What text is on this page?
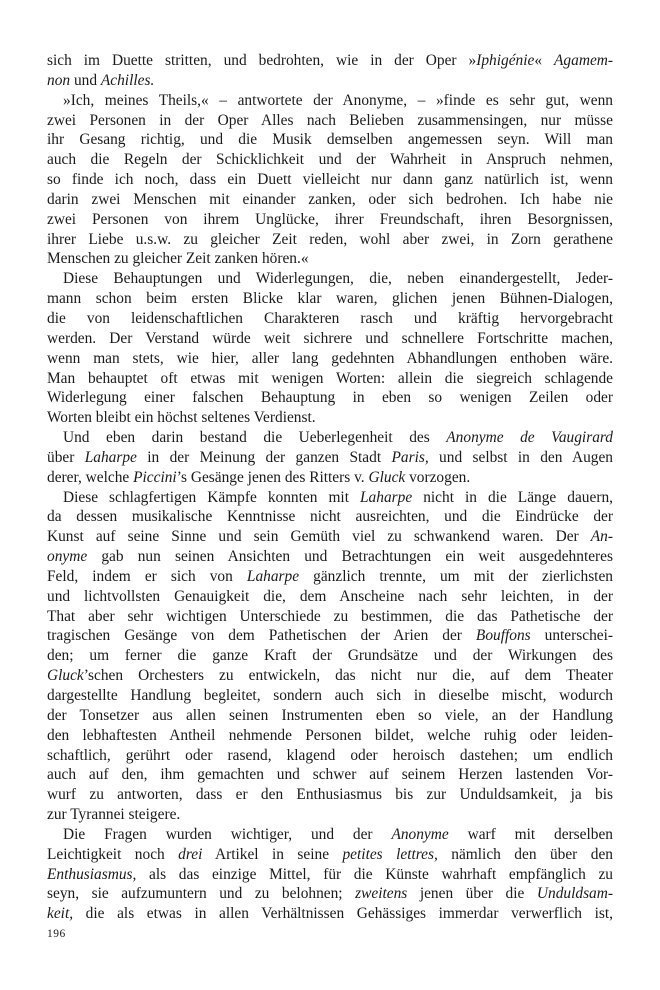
sich im Duette stritten, und bedrohten, wie in der Oper »Iphigénie« Agamem-
non und Achilles.
»Ich, meines Theils,« – antwortete der Anonyme, – »finde es sehr gut, wenn
zwei Personen in der Oper Alles nach Belieben zusammensingen, nur müsse
ihr Gesang richtig, und die Musik demselben angemessen seyn. Will man
auch die Regeln der Schicklichkeit und der Wahrheit in Anspruch nehmen,
so finde ich noch, dass ein Duett vielleicht nur dann ganz natürlich ist, wenn
darin zwei Menschen mit einander zanken, oder sich bedrohen. Ich habe nie
zwei Personen von ihrem Unglücke, ihrer Freundschaft, ihren Besorgnissen,
ihrer Liebe u.s.w. zu gleicher Zeit reden, wohl aber zwei, in Zorn gerathene
Menschen zu gleicher Zeit zanken hören.«
Diese Behauptungen und Widerlegungen, die, neben einandergestellt, Jeder-
mann schon beim ersten Blicke klar waren, glichen jenen Bühnen-Dialogen,
die von leidenschaftlichen Charakteren rasch und kräftig hervorgebracht
werden. Der Verstand würde weit sichrere und schnellere Fortschritte machen,
wenn man stets, wie hier, aller lang gedehnten Abhandlungen enthoben wäre.
Man behauptet oft etwas mit wenigen Worten: allein die siegreich schlagende
Widerlegung einer falschen Behauptung in eben so wenigen Zeilen oder
Worten bleibt ein höchst seltenes Verdienst.
Und eben darin bestand die Ueberlegenheit des Anonyme de Vaugirard
über Laharpe in der Meinung der ganzen Stadt Paris, und selbst in den Augen
derer, welche Piccini’s Gesänge jenen des Ritters v. Gluck vorzogen.
Diese schlagfertigen Kämpfe konnten mit Laharpe nicht in die Länge dauern,
da dessen musikalische Kenntnisse nicht ausreichten, und die Eindrücke der
Kunst auf seine Sinne und sein Gemüth viel zu schwankend waren. Der An-
onyme gab nun seinen Ansichten und Betrachtungen ein weit ausgedehnteres
Feld, indem er sich von Laharpe gänzlich trennte, um mit der zierlichsten
und lichtvollsten Genauigkeit die, dem Anscheine nach sehr leichten, in der
That aber sehr wichtigen Unterschiede zu bestimmen, die das Pathetische der
tragischen Gesänge von dem Pathetischen der Arien der Bouffons unterschei-
den; um ferner die ganze Kraft der Grundsätze und der Wirkungen des
Gluck’schen Orchesters zu entwickeln, das nicht nur die, auf dem Theater
dargestellte Handlung begleitet, sondern auch sich in dieselbe mischt, wodurch
der Tonsetzer aus allen seinen Instrumenten eben so viele, an der Handlung
den lebhaftesten Antheil nehmende Personen bildet, welche ruhig oder leiden-
schaftlich, gerührt oder rasend, klagend oder heroisch dastehen; um endlich
auch auf den, ihm gemachten und schwer auf seinem Herzen lastenden Vor-
wurf zu antworten, dass er den Enthusiasmus bis zur Unduldsamkeit, ja bis
zur Tyrannei steigere.
Die Fragen wurden wichtiger, und der Anonyme warf mit derselben
Leichtigkeit noch drei Artikel in seine petites lettres, nämlich den über den
Enthusiasmus, als das einzige Mittel, für die Künste wahrhaft empfänglich zu
seyn, sie aufzumuntern und zu belohnen; zweitens jenen über die Unduldsam-
keit, die als etwas in allen Verhältnissen Gehässiges immerdar verwerflich ist,
196
